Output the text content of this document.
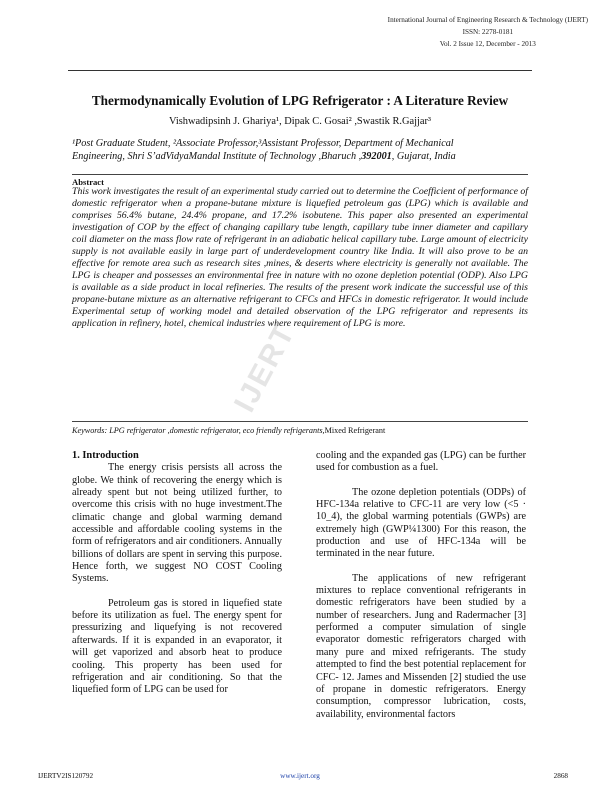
International Journal of Engineering Research & Technology (IJERT)
ISSN: 2278-0181
Vol. 2 Issue 12, December - 2013
Thermodynamically Evolution of LPG Refrigerator : A Literature Review
Vishwadipsinh J. Ghariya¹, Dipak C. Gosai² ,Swastik R.Gajjar³
¹Post Graduate Student, ²Associate Professor,³Assistant Professor, Department of Mechanical
Engineering, Shri S’adVidyaMandal Institute of Technology ,Bharuch ,392001, Gujarat, India
Abstract
This work investigates the result of an experimental study carried out to determine the Coefficient of performance of domestic refrigerator when a propane-butane mixture is liquefied petroleum gas (LPG) which is available and comprises 56.4% butane, 24.4% propane, and 17.2% isobutene. This paper also presented an experimental investigation of COP by the effect of changing capillary tube length, capillary tube inner diameter and capillary coil diameter on the mass flow rate of refrigerant in an adiabatic helical capillary tube. Large amount of electricity supply is not available easily in large part of underdevelopment country like India. It will also prove to be an effective for remote area such as research sites ,mines, & deserts where electricity is generally not available. The LPG is cheaper and possesses an environmental free in nature with no ozone depletion potential (ODP). Also LPG is available as a side product in local refineries. The results of the present work indicate the successful use of this propane-butane mixture as an alternative refrigerant to CFCs and HFCs in domestic refrigerator. It would include Experimental setup of working model and detailed observation of the LPG refrigerator and represents its application in refinery, hotel, chemical industries where requirement of LPG is more.
Keywords: LPG refrigerator ,domestic refrigerator, eco friendly refrigerants,Mixed Refrigerant

1. Introduction

The energy crisis persists all across the globe. We think of recovering the energy which is already spent but not being utilized further, to overcome this crisis with no huge investment.The climatic change and global warming demand accessible and affordable cooling systems in the form of refrigerators and air conditioners. Annually billions of dollars are spent in serving this purpose. Hence forth, we suggest NO COST Cooling Systems.

Petroleum gas is stored in liquefied state before its utilization as fuel. The energy spent for pressurizing and liquefying is not recovered afterwards. If it is expanded in an evaporator, it will get vaporized and absorb heat to produce cooling. This property has been used for refrigeration and air conditioning. So that the liquefied form of LPG can be used for

cooling and the expanded gas (LPG) can be further used for combustion as a fuel.

The ozone depletion potentials (ODPs) of HFC-134a relative to CFC-11 are very low (<5 · 10_4), the global warming potentials (GWPs) are extremely high (GWP¼1300) For this reason, the production and use of HFC-134a will be terminated in the near future.

The applications of new refrigerant mixtures to replace conventional refrigerants in domestic refrigerators have been studied by a number of researchers. Jung and Radermacher [3] performed a computer simulation of single evaporator domestic refrigerators charged with many pure and mixed refrigerants. The study attempted to find the best potential replacement for CFC- 12. James and Missenden [2] studied the use of propane in domestic refrigerators. Energy consumption, compressor lubrication, costs, availability, environmental factors

IJERT
IJERTV2IS120792	www.ijert.org	2868
